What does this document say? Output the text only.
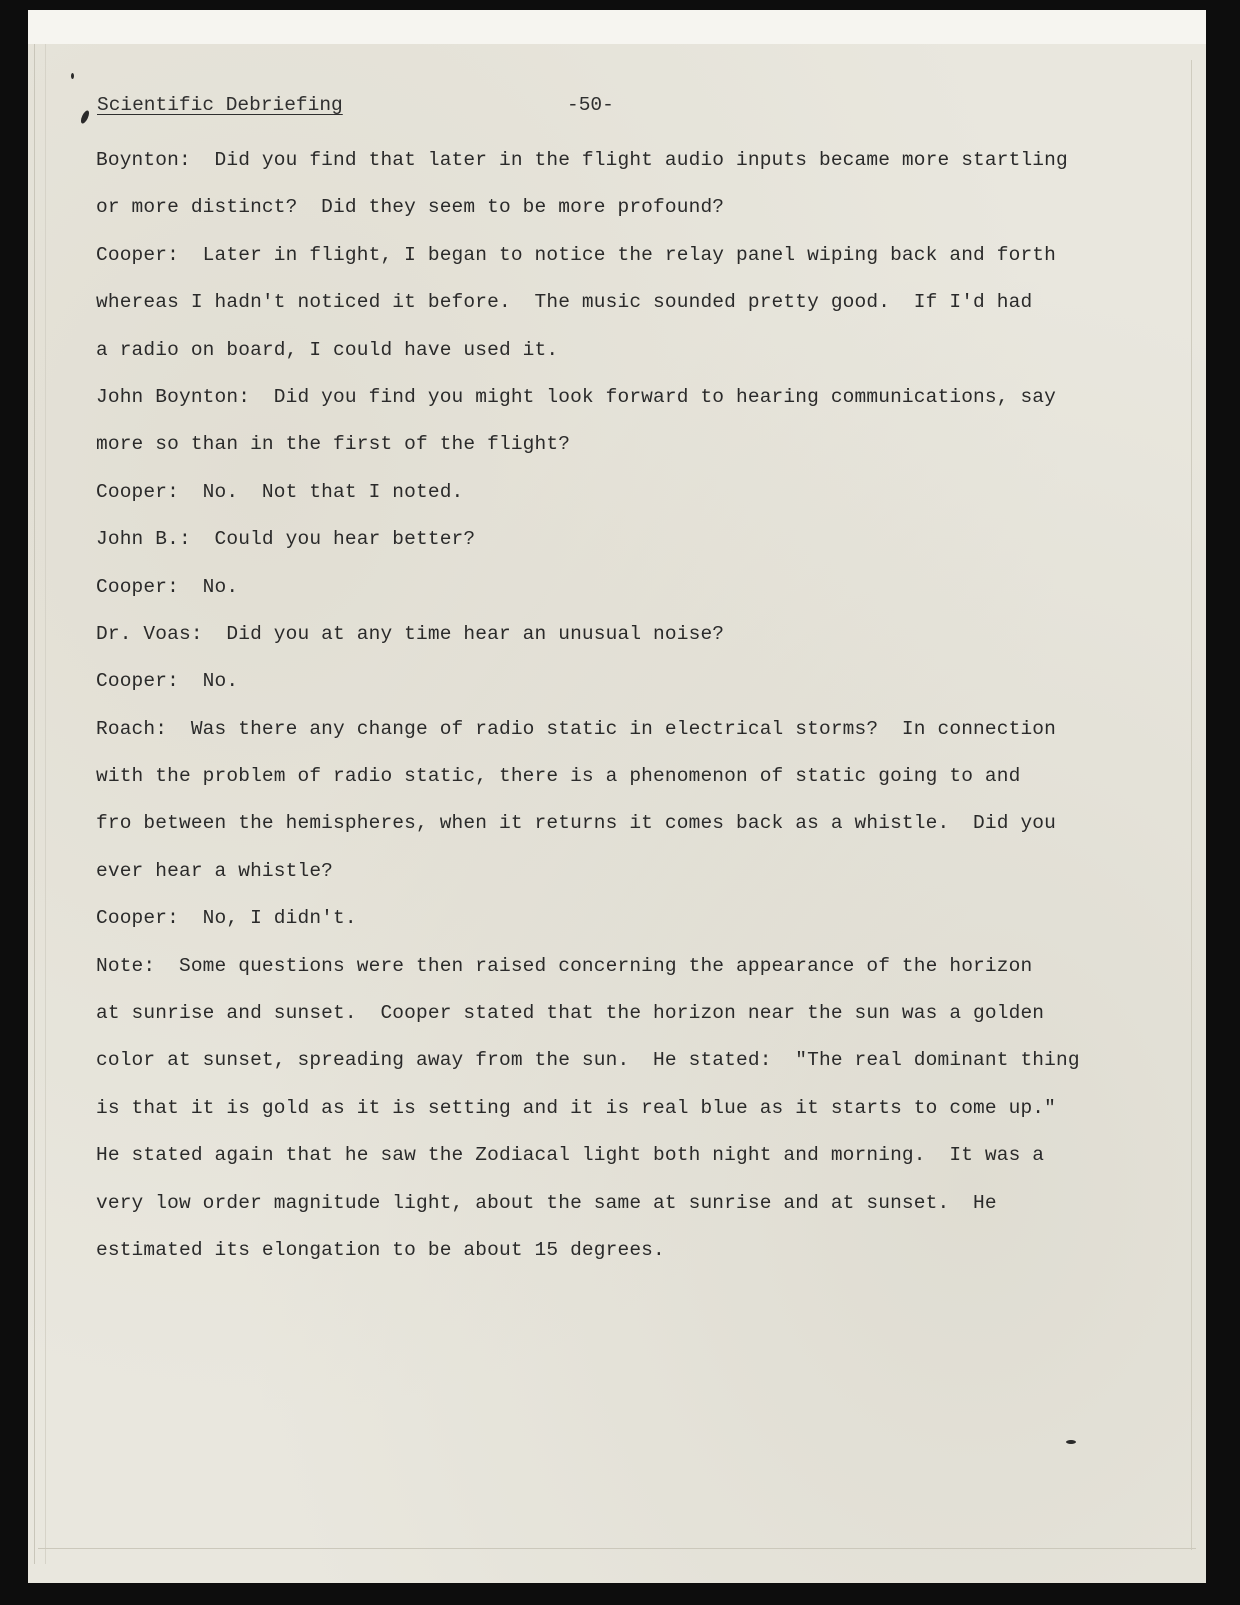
Scientific Debriefing	-50-
Boynton:  Did you find that later in the flight audio inputs became more startling
or more distinct?  Did they seem to be more profound?
Cooper:  Later in flight, I began to notice the relay panel wiping back and forth
whereas I hadn't noticed it before.  The music sounded pretty good.  If I'd had
a radio on board, I could have used it.
John Boynton:  Did you find you might look forward to hearing communications, say
more so than in the first of the flight?
Cooper:  No.  Not that I noted.
John B.:  Could you hear better?
Cooper:  No.
Dr. Voas:  Did you at any time hear an unusual noise?
Cooper:  No.
Roach:  Was there any change of radio static in electrical storms?  In connection
with the problem of radio static, there is a phenomenon of static going to and
fro between the hemispheres, when it returns it comes back as a whistle.  Did you
ever hear a whistle?
Cooper:  No, I didn't.
Note:  Some questions were then raised concerning the appearance of the horizon
at sunrise and sunset.  Cooper stated that the horizon near the sun was a golden
color at sunset, spreading away from the sun.  He stated:  "The real dominant thing
is that it is gold as it is setting and it is real blue as it starts to come up."
He stated again that he saw the Zodiacal light both night and morning.  It was a
very low order magnitude light, about the same at sunrise and at sunset.  He
estimated its elongation to be about 15 degrees.
